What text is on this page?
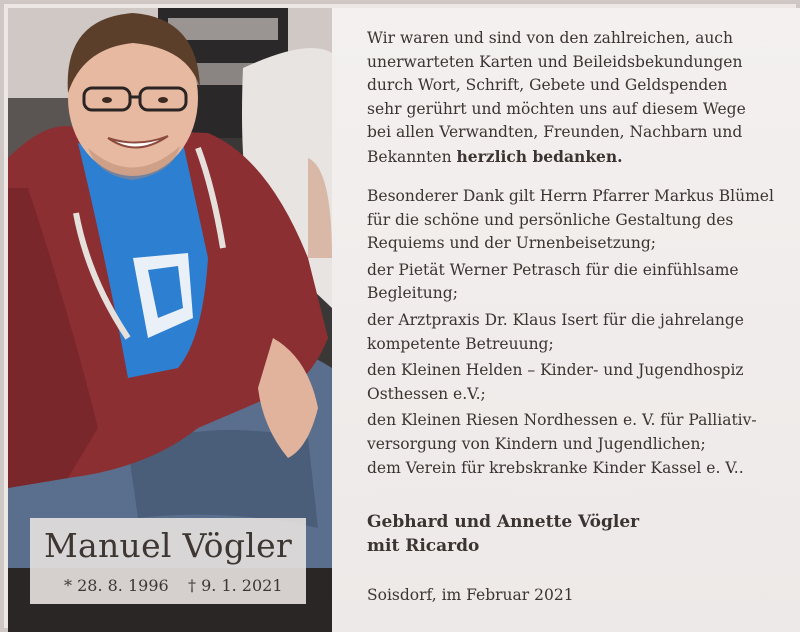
Manuel Vögler
* 28. 8. 1996 † 9. 1. 2021
Wir waren und sind von den zahlreichen, auch
unerwarteten Karten und Beileidsbekundungen
durch Wort, Schrift, Gebete und Geldspenden
sehr gerührt und möchten uns auf diesem Wege
bei allen Verwandten, Freunden, Nachbarn und
Bekannten herzlich bedanken.
Besonderer Dank gilt Herrn Pfarrer Markus Blümel
für die schöne und persönliche Gestaltung des
Requiems und der Urnenbeisetzung;
der Pietät Werner Petrasch für die einfühlsame
Begleitung;
der Arztpraxis Dr. Klaus Isert für die jahrelange
kompetente Betreuung;
den Kleinen Helden – Kinder- und Jugendhospiz
Osthessen e.V.;
den Kleinen Riesen Nordhessen e. V. für Palliativ-
versorgung von Kindern und Jugendlichen;
dem Verein für krebskranke Kinder Kassel e. V..
Gebhard und Annette Vögler
mit Ricardo
Soisdorf, im Februar 2021
